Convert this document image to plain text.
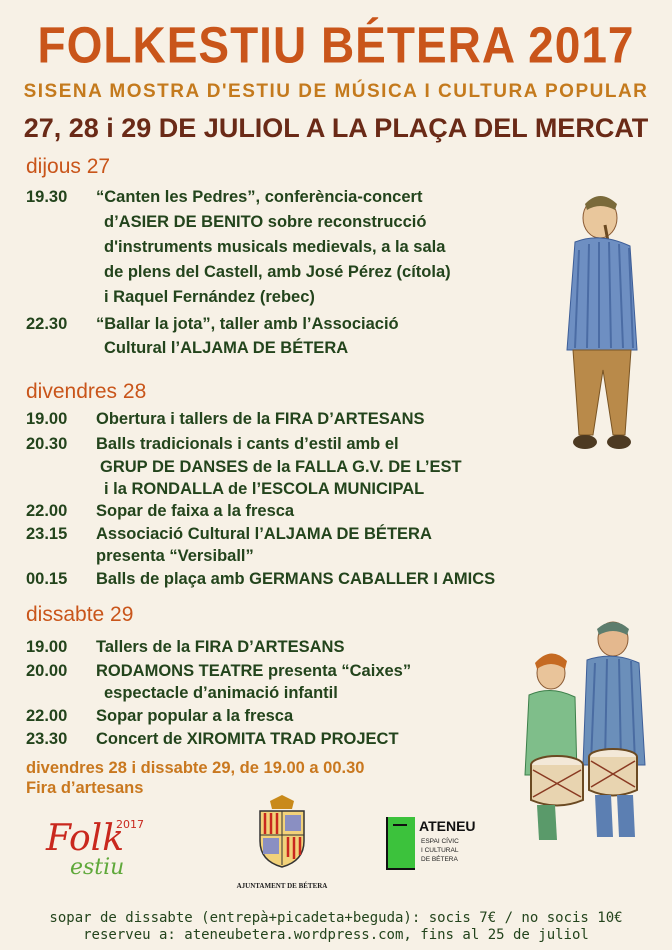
FOLKESTIU BÉTERA 2017
SISENA MOSTRA D'ESTIU DE MÚSICA I CULTURA POPULAR
27, 28 i 29 DE JULIOL A LA PLAÇA DEL MERCAT
dijous 27
19.30 “Canten les Pedres”, conferència-concert
d’ASIER DE BENITO sobre reconstrucció
d'instruments musicals medievals, a la sala
de plens del Castell, amb José Pérez (cítola)
i Raquel Fernández (rebec)
22.30 “Ballar la jota”, taller amb l’Associació
Cultural l’ALJAMA DE BÉTERA
divendres 28
19.00 Obertura i tallers de la FIRA D’ARTESANS
20.30 Balls tradicionals i cants d’estil amb el
GRUP DE DANSES de la FALLA G.V. DE L’EST
i la RONDALLA de l’ESCOLA MUNICIPAL
22.00 Sopar de faixa a la fresca
23.15 Associació Cultural l’ALJAMA DE BÉTERA
presenta “Versiball”
00.15 Balls de plaça amb GERMANS CABALLER I AMICS
dissabte 29
19.00 Tallers de la FIRA D’ARTESANS
20.00 RODAMONS TEATRE presenta “Caixes”
espectacle d’animació infantil
22.00 Sopar popular a la fresca
23.30 Concert de XIROMITA TRAD PROJECT
divendres 28 i dissabte 29, de 19.00 a 00.30
Fira d’artesans
Folk
2017
estiu
AJUNTAMENT DE BÉTERA
ATENEU
ESPAI CÍVIC
I CULTURAL
DE BÉTERA
sopar de dissabte (entrepà+picadeta+beguda): socis 7€ / no socis 10€
reserveu a: ateneubetera.wordpress.com, fins al 25 de juliol
